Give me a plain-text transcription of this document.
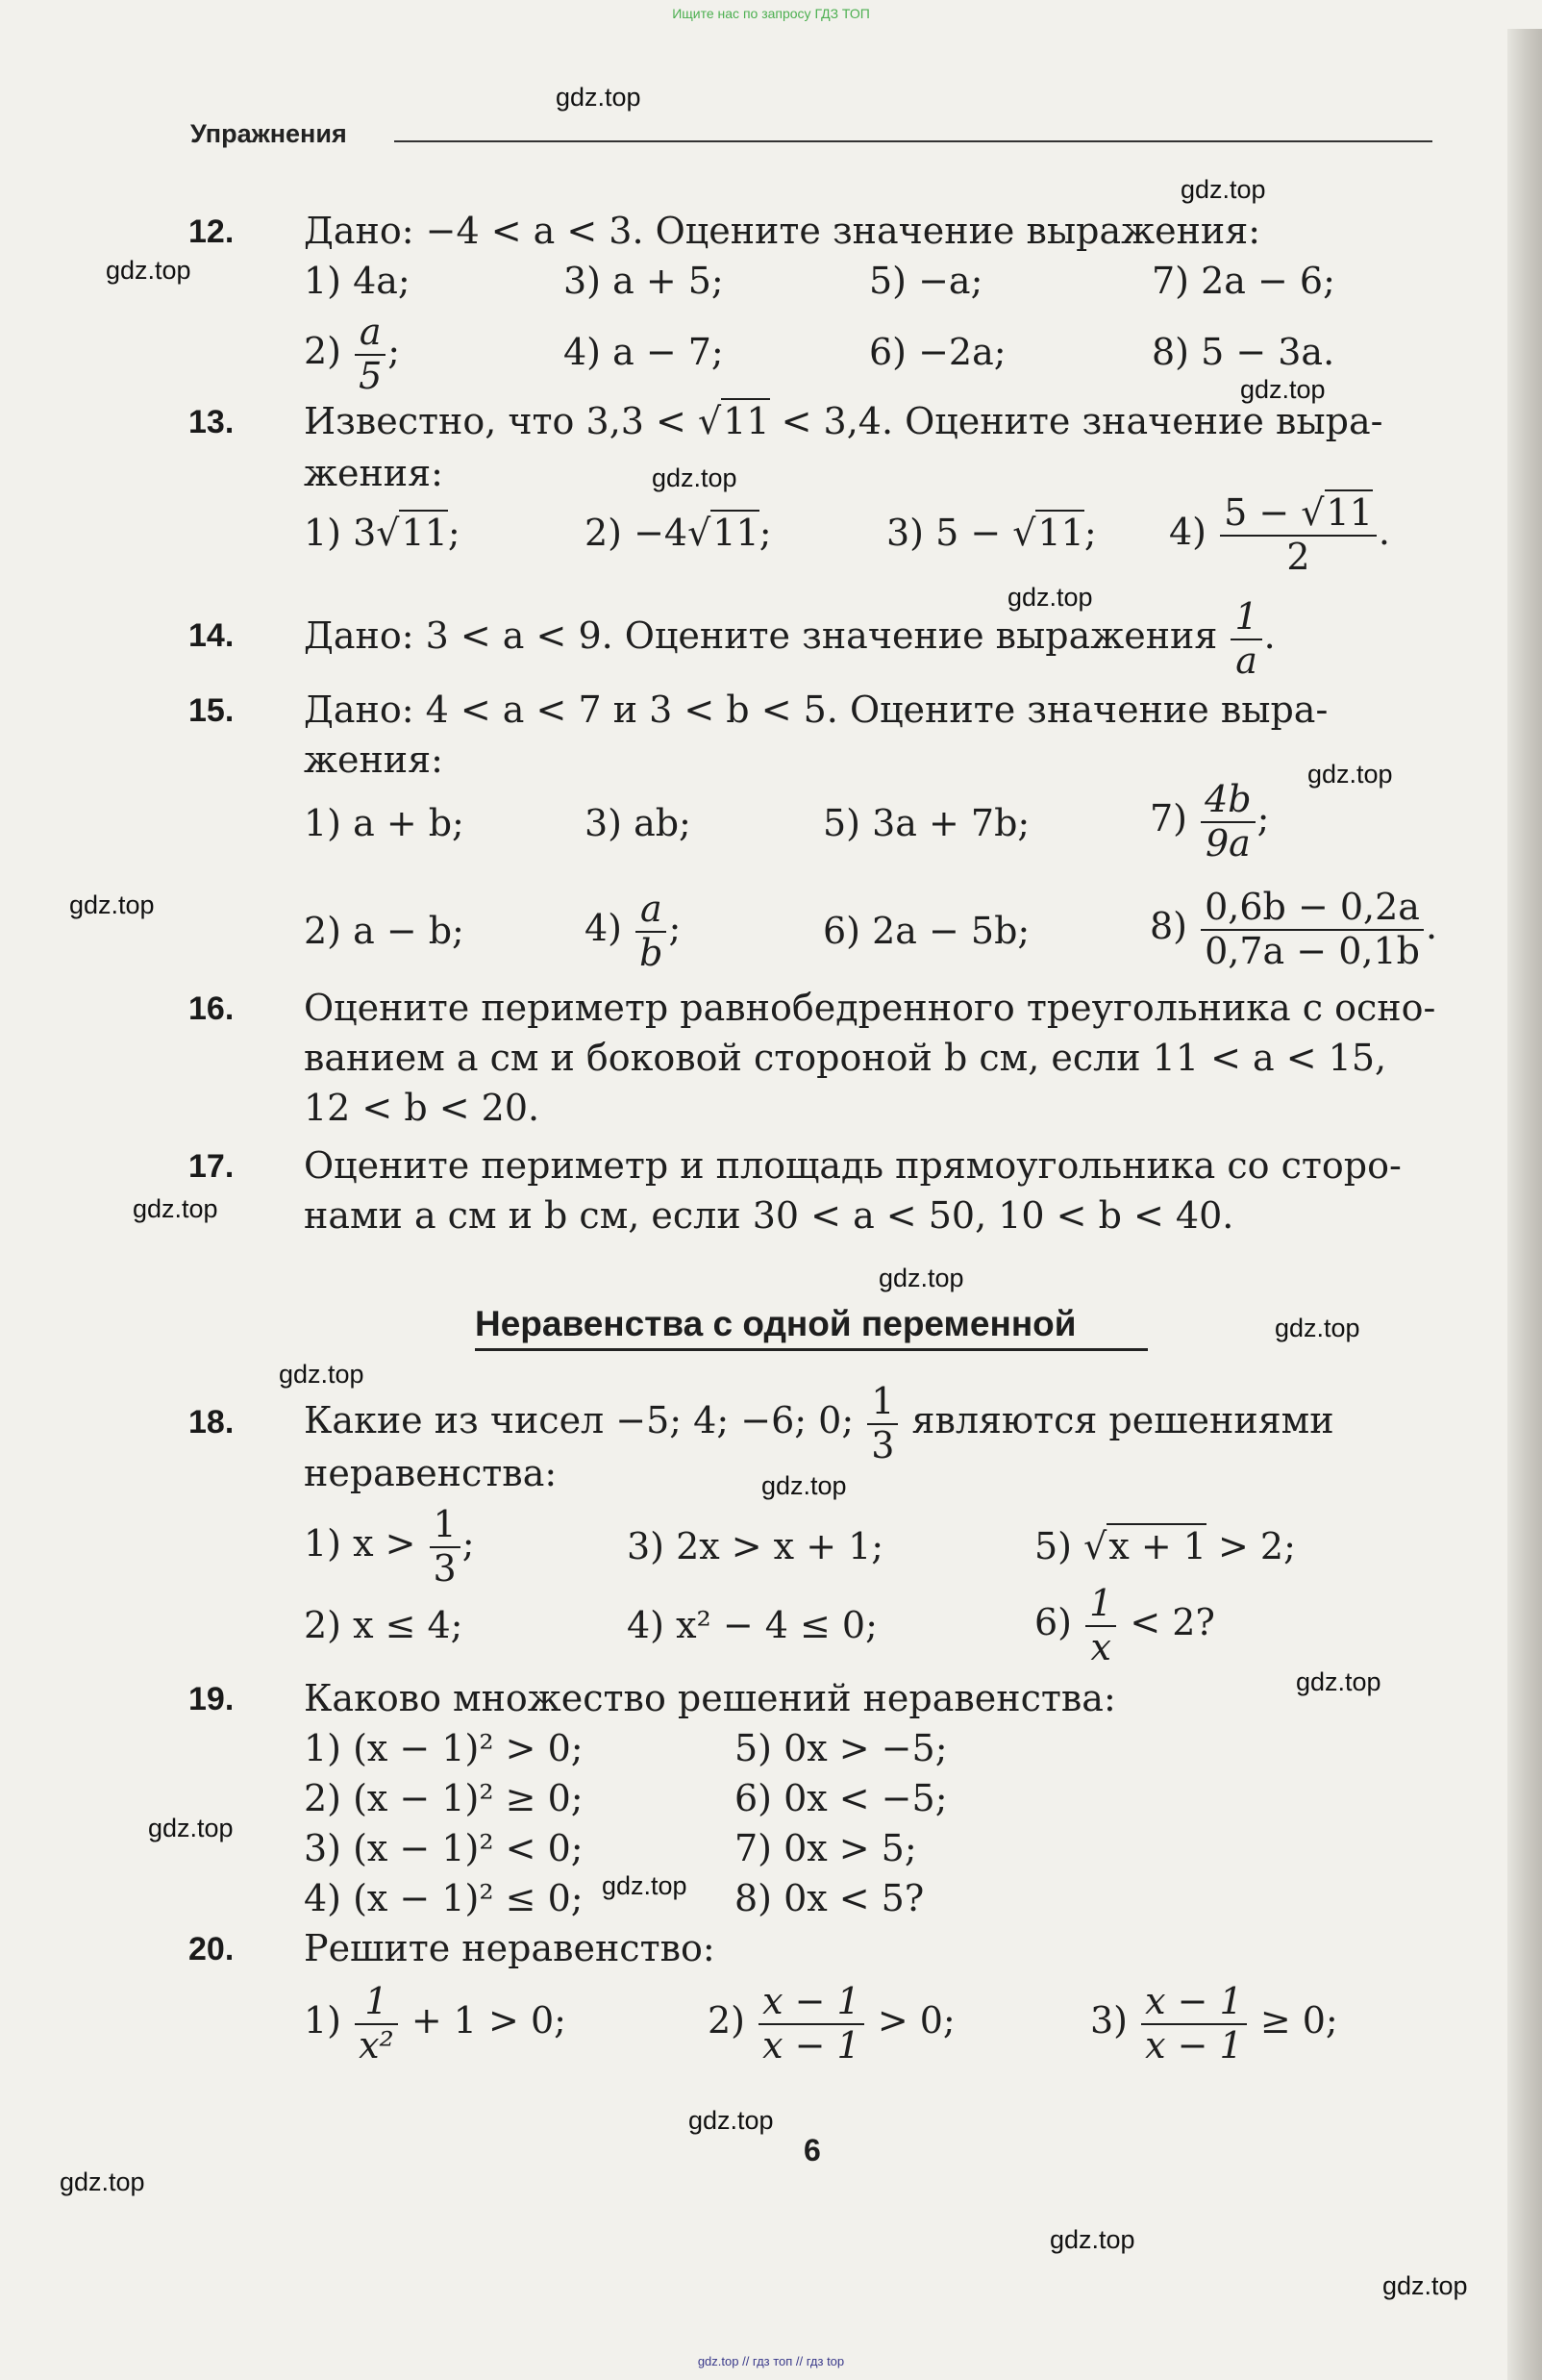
Ищите нас по запросу ГДЗ ТОП
Упражнения
gdz.top
gdz.top
gdz.top
gdz.top
gdz.top
gdz.top
gdz.top
gdz.top
gdz.top
gdz.top
gdz.top
gdz.top
gdz.top
gdz.top
gdz.top
gdz.top
gdz.top
gdz.top
gdz.top
gdz.top
12. Дано: −4 < a < 3. Оцените значение выражения:
1) 4a;	3) a + 5;	5) −a;	7) 2a − 6;
$2) \frac{a}{5}$ ;	4) a − 7;	6) −2a;	8) 5 − 3a.
13. Известно, что 3,3 < √11 < 3,4. Оцените значение выра-
жения:
1) 3√11;	2) −4√11;	3) 5 − √11; $4) \frac{5 - √11}{2}$ .
14. Дано: 3 < a < 9. Оцените значение выражения $\frac{1}{a}$ .
15. Дано: 4 < a < 7 и 3 < b < 5. Оцените значение выра-
жения:
1) a + b;	3) ab;	5) 3a + 7b;	$7) \frac{4b}{9a}$ ;
2) a − b;	$4) \frac{a}{b}$ ;	6) 2a − 5b;	$8) \frac{0,6b - 0,2a}{0,7a - 0,1b}$ .
16. Оцените периметр равнобедренного треугольника с осно-
ванием a см и боковой стороной b см, если 11 < a < 15,
12 < b < 20.
17. Оцените периметр и площадь прямоугольника со сторо-
нами a см и b см, если 30 < a < 50, 10 < b < 40.
Неравенства с одной переменной
18. Какие из чисел −5; 4; −6; 0; $\frac{1}{3}$ являются решениями
неравенства:
1) $x > \frac{1}{3}$ ;	3) 2x > x + 1;	5) √x + 1 > 2;
2) x ≤ 4;	4) x² − 4 ≤ 0;	$6) \frac{1}{x} < 2$?
19. Каково множество решений неравенства:
1) (x − 1)² > 0;	5) 0x > −5;
2) (x − 1)² ≥ 0;	6) 0x < −5;
3) (x − 1)² < 0;	7) 0x > 5;
4) (x − 1)² ≤ 0;	8) 0x < 5?
20. Решите неравенство:
$1) \frac{1}{\text{x²}} + 1 > 0$;	$2) \frac{x - 1}{x - 1} > 0$;	$3) \frac{x - 1}{x - 1} \ge 0$;
6
gdz.top // гдз топ // гдз top
